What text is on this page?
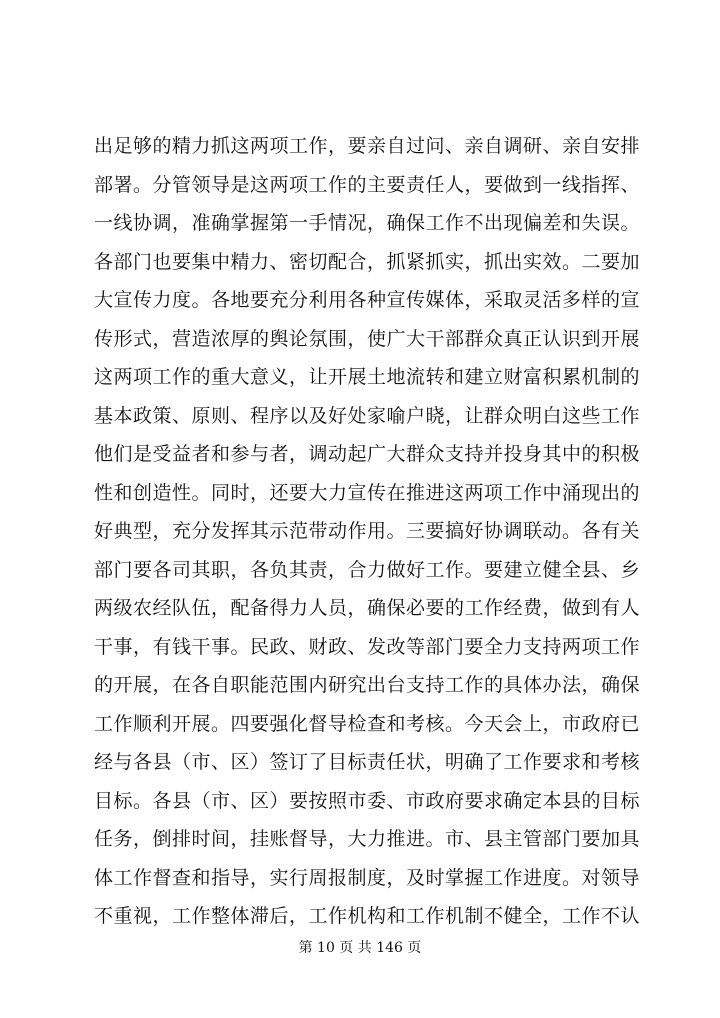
出足够的精力抓这两项工作，要亲自过问、亲自调研、亲自安排
部署。分管领导是这两项工作的主要责任人，要做到一线指挥、
一线协调，准确掌握第一手情况，确保工作不出现偏差和失误。
各部门也要集中精力、密切配合，抓紧抓实，抓出实效。二要加
大宣传力度。各地要充分利用各种宣传媒体，采取灵活多样的宣
传形式，营造浓厚的舆论氛围，使广大干部群众真正认识到开展
这两项工作的重大意义，让开展土地流转和建立财富积累机制的
基本政策、原则、程序以及好处家喻户晓，让群众明白这些工作
他们是受益者和参与者，调动起广大群众支持并投身其中的积极
性和创造性。同时，还要大力宣传在推进这两项工作中涌现出的
好典型，充分发挥其示范带动作用。三要搞好协调联动。各有关
部门要各司其职，各负其责，合力做好工作。要建立健全县、乡
两级农经队伍，配备得力人员，确保必要的工作经费，做到有人
干事，有钱干事。民政、财政、发改等部门要全力支持两项工作
的开展，在各自职能范围内研究出台支持工作的具体办法，确保
工作顺利开展。四要强化督导检查和考核。今天会上，市政府已
经与各县（市、区）签订了目标责任状，明确了工作要求和考核
目标。各县（市、区）要按照市委、市政府要求确定本县的目标
任务，倒排时间，挂账督导，大力推进。市、县主管部门要加具
体工作督查和指导，实行周报制度，及时掌握工作进度。对领导
不重视，工作整体滞后，工作机构和工作机制不健全，工作不认
第 10 页 共 146 页
